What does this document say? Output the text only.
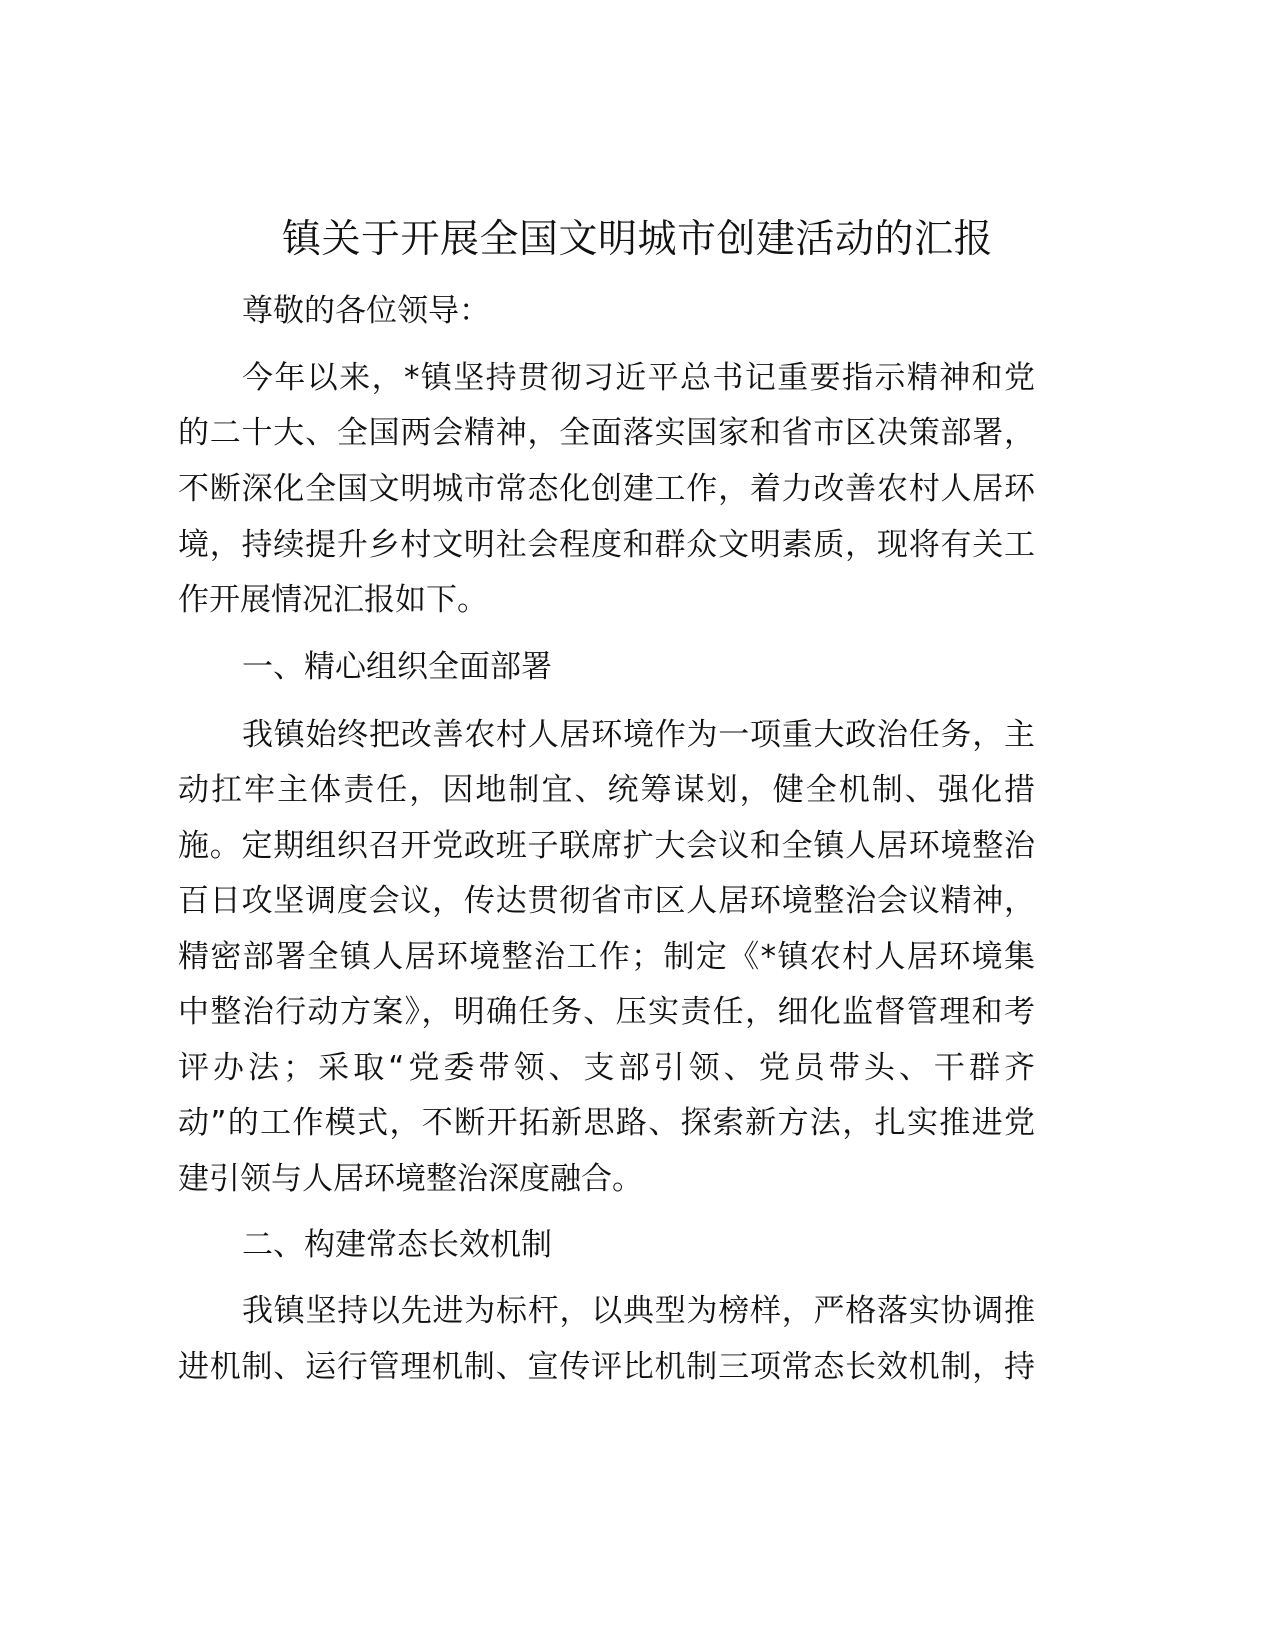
镇关于开展全国文明城市创建活动的汇报
尊敬的各位领导：
今年以来，*镇坚持贯彻习近平总书记重要指示精神和党
的二十大、全国两会精神，全面落实国家和省市区决策部署，
不断深化全国文明城市常态化创建工作，着力改善农村人居环
境，持续提升乡村文明社会程度和群众文明素质，现将有关工
作开展情况汇报如下。
一、精心组织全面部署
我镇始终把改善农村人居环境作为一项重大政治任务，主
动扛牢主体责任，因地制宜、统筹谋划，健全机制、强化措
施。定期组织召开党政班子联席扩大会议和全镇人居环境整治
百日攻坚调度会议，传达贯彻省市区人居环境整治会议精神，
精密部署全镇人居环境整治工作；制定《*镇农村人居环境集
中整治行动方案》，明确任务、压实责任，细化监督管理和考
评办法；采取“党委带领、支部引领、党员带头、干群齐
动”的工作模式，不断开拓新思路、探索新方法，扎实推进党
建引领与人居环境整治深度融合。
二、构建常态长效机制
我镇坚持以先进为标杆，以典型为榜样，严格落实协调推
进机制、运行管理机制、宣传评比机制三项常态长效机制，持
